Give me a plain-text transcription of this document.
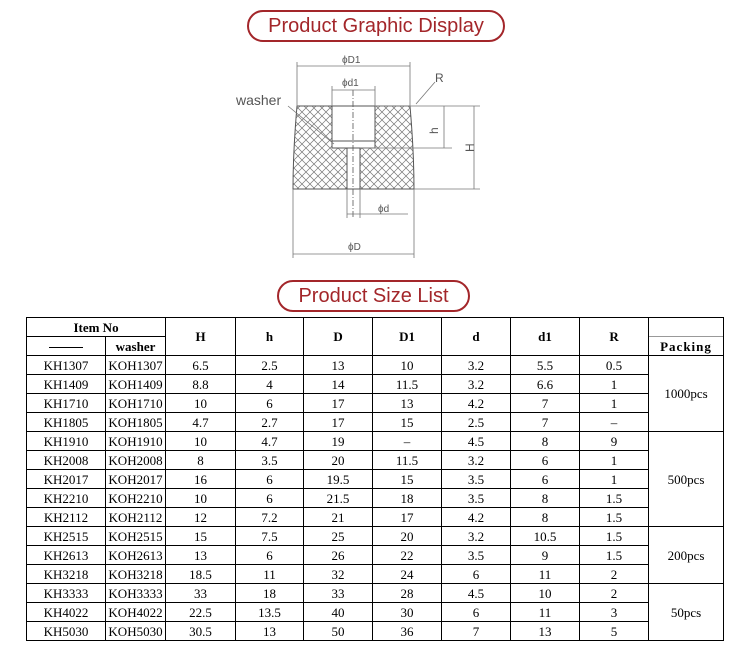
Product Graphic Display
ϕD1
ϕd1	R
washer
h
H
ϕd
ϕD
Product Size List
Item No		H	h	D	D1	d	d1	R	Packing

	washer								
KH1307	KOH1307	6.5	2.5	13	10	3.2	5.5	0.5	1000pcs
KH1409	KOH1409	8.8	4	14	11.5	3.2	6.6	1	
KH1710	KOH1710	10	6	17	13	4.2	7	1	
KH1805	KOH1805	4.7	2.7	17	15	2.5	7	–	
KH1910	KOH1910	10	4.7	19	–	4.5	8	9	500pcs
KH2008	KOH2008	8	3.5	20	11.5	3.2	6	1	
KH2017	KOH2017	16	6	19.5	15	3.5	6	1	
KH2210	KOH2210	10	6	21.5	18	3.5	8	1.5	
KH2112	KOH2112	12	7.2	21	17	4.2	8	1.5	
KH2515	KOH2515	15	7.5	25	20	3.2	10.5	1.5	200pcs
KH2613	KOH2613	13	6	26	22	3.5	9	1.5	
KH3218	KOH3218	18.5	11	32	24	6	11	2	
KH3333	KOH3333	33	18	33	28	4.5	10	2	50pcs
KH4022	KOH4022	22.5	13.5	40	30	6	11	3	
KH5030	KOH5030	30.5	13	50	36	7	13	5	
